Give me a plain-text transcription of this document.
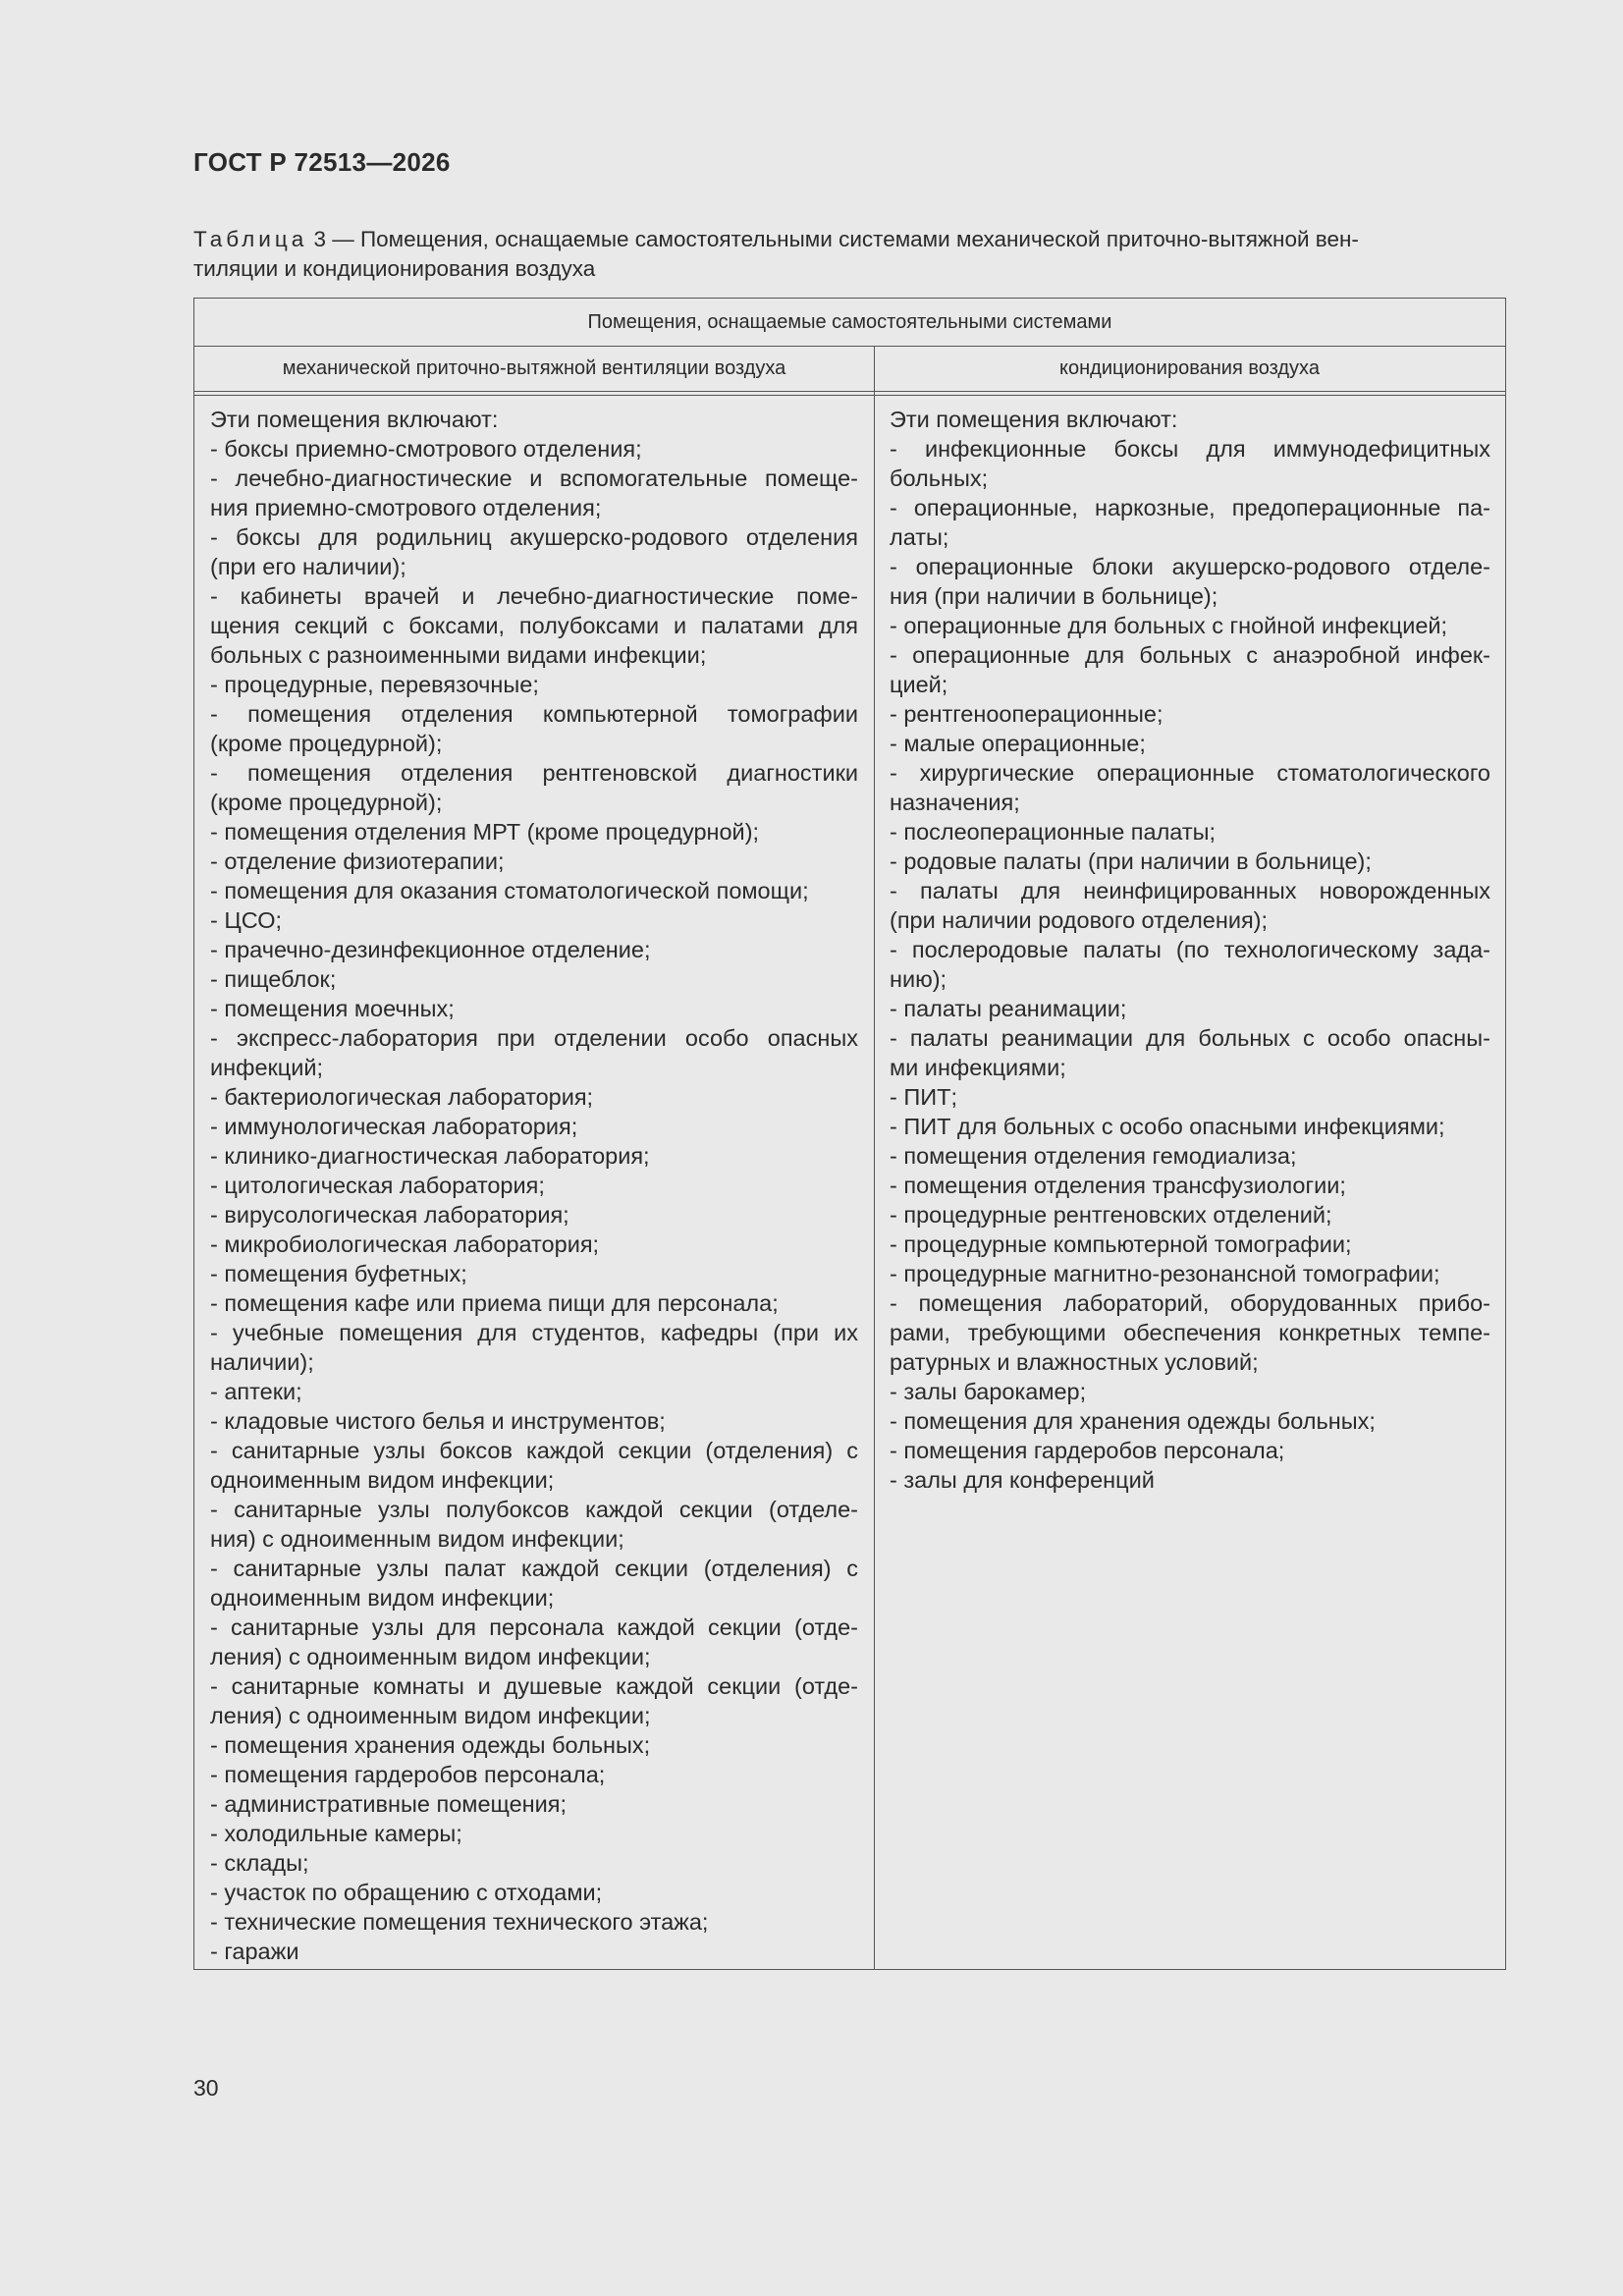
ГОСТ Р 72513—2026
Таблица 3 — Помещения, оснащаемые самостоятельными системами механической приточно-вытяжной вен-
тиляции и кондиционирования воздуха
Помещения, оснащаемые самостоятельными системами
механической приточно-вытяжной вентиляции воздуха	кондиционирования воздуха
Эти помещения включают:
- боксы приемно-смотрового отделения;
- лечебно-диагностические и вспомогательные помеще-
ния приемно-смотрового отделения;
- боксы для родильниц акушерско-родового отделения
(при его наличии);
- кабинеты врачей и лечебно-диагностические поме-
щения секций с боксами, полубоксами и палатами для
больных с разноименными видами инфекции;
- процедурные, перевязочные;
- помещения отделения компьютерной томографии
(кроме процедурной);
- помещения отделения рентгеновской диагностики
(кроме процедурной);
- помещения отделения МРТ (кроме процедурной);
- отделение физиотерапии;
- помещения для оказания стоматологической помощи;
- ЦСО;
- прачечно-дезинфекционное отделение;
- пищеблок;
- помещения моечных;
- экспресс-лаборатория при отделении особо опасных
инфекций;
- бактериологическая лаборатория;
- иммунологическая лаборатория;
- клинико-диагностическая лаборатория;
- цитологическая лаборатория;
- вирусологическая лаборатория;
- микробиологическая лаборатория;
- помещения буфетных;
- помещения кафе или приема пищи для персонала;
- учебные помещения для студентов, кафедры (при их
наличии);
- аптеки;
- кладовые чистого белья и инструментов;
- санитарные узлы боксов каждой секции (отделения) с
одноименным видом инфекции;
- санитарные узлы полубоксов каждой секции (отделе-
ния) с одноименным видом инфекции;
- санитарные узлы палат каждой секции (отделения) с
одноименным видом инфекции;
- санитарные узлы для персонала каждой секции (отде-
ления) с одноименным видом инфекции;
- санитарные комнаты и душевые каждой секции (отде-
ления) с одноименным видом инфекции;
- помещения хранения одежды больных;
- помещения гардеробов персонала;
- административные помещения;
- холодильные камеры;
- склады;
- участок по обращению с отходами;
- технические помещения технического этажа;
- гаражи
Эти помещения включают:
- инфекционные боксы для иммунодефицитных
больных;
- операционные, наркозные, предоперационные па-
латы;
- операционные блоки акушерско-родового отделе-
ния (при наличии в больнице);
- операционные для больных с гнойной инфекцией;
- операционные для больных с анаэробной инфек-
цией;
- рентгенооперационные;
- малые операционные;
- хирургические операционные стоматологического
назначения;
- послеоперационные палаты;
- родовые палаты (при наличии в больнице);
- палаты для неинфицированных новорожденных
(при наличии родового отделения);
- послеродовые палаты (по технологическому зада-
нию);
- палаты реанимации;
- палаты реанимации для больных с особо опасны-
ми инфекциями;
- ПИТ;
- ПИТ для больных с особо опасными инфекциями;
- помещения отделения гемодиализа;
- помещения отделения трансфузиологии;
- процедурные рентгеновских отделений;
- процедурные компьютерной томографии;
- процедурные магнитно-резонансной томографии;
- помещения лабораторий, оборудованных прибо-
рами, требующими обеспечения конкретных темпе-
ратурных и влажностных условий;
- залы барокамер;
- помещения для хранения одежды больных;
- помещения гардеробов персонала;
- залы для конференций
30
